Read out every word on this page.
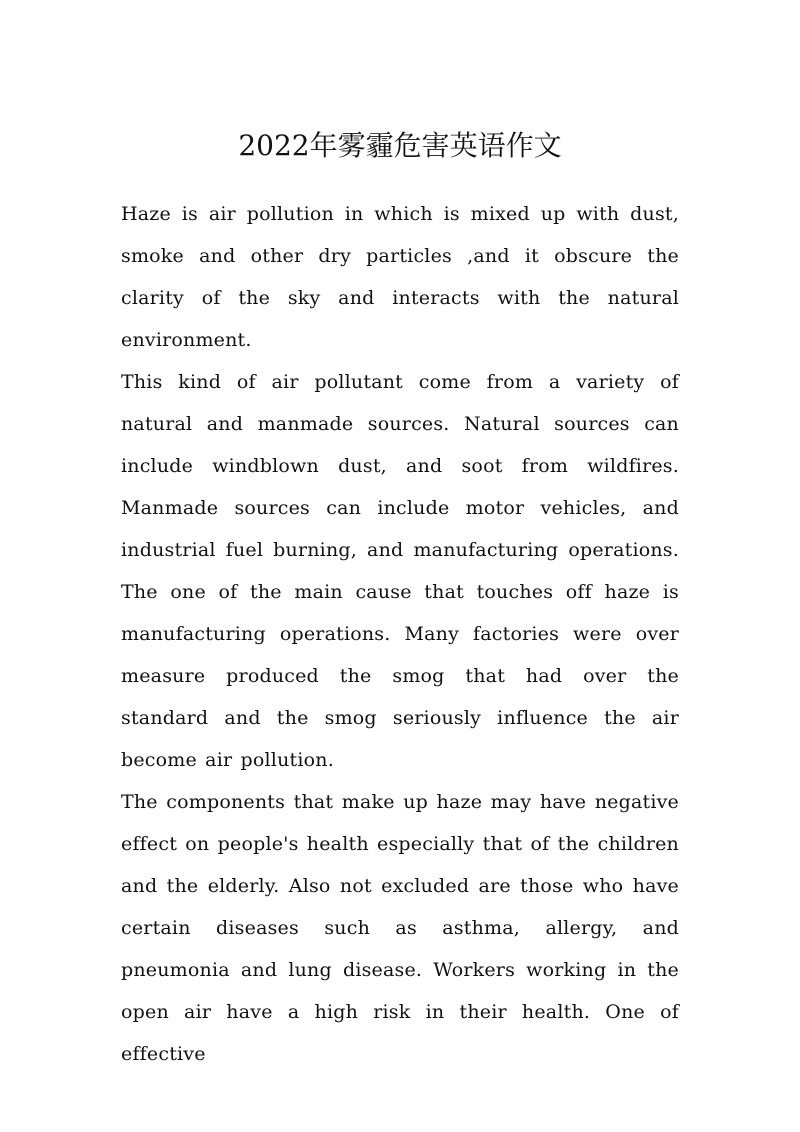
2022年雾霾危害英语作文

Haze is air pollution in which is mixed up with dust, smoke and other dry particles ,and it obscure the clarity of the sky and interacts with the natural environment.

This kind of air pollutant come from a variety of natural and manmade sources. Natural sources can include windblown dust, and soot from wildfires. Manmade sources can include motor vehicles, and industrial fuel burning, and manufacturing operations. The one of the main cause that touches off haze is manufacturing operations. Many factories were over measure produced the smog that had over the standard and the smog seriously influence the air become air pollution.

The components that make up haze may have negative effect on people's health especially that of the children and the elderly. Also not excluded are those who have certain diseases such as asthma, allergy, and pneumonia and lung disease. Workers working in the open air have a high risk in their health. One of effective
